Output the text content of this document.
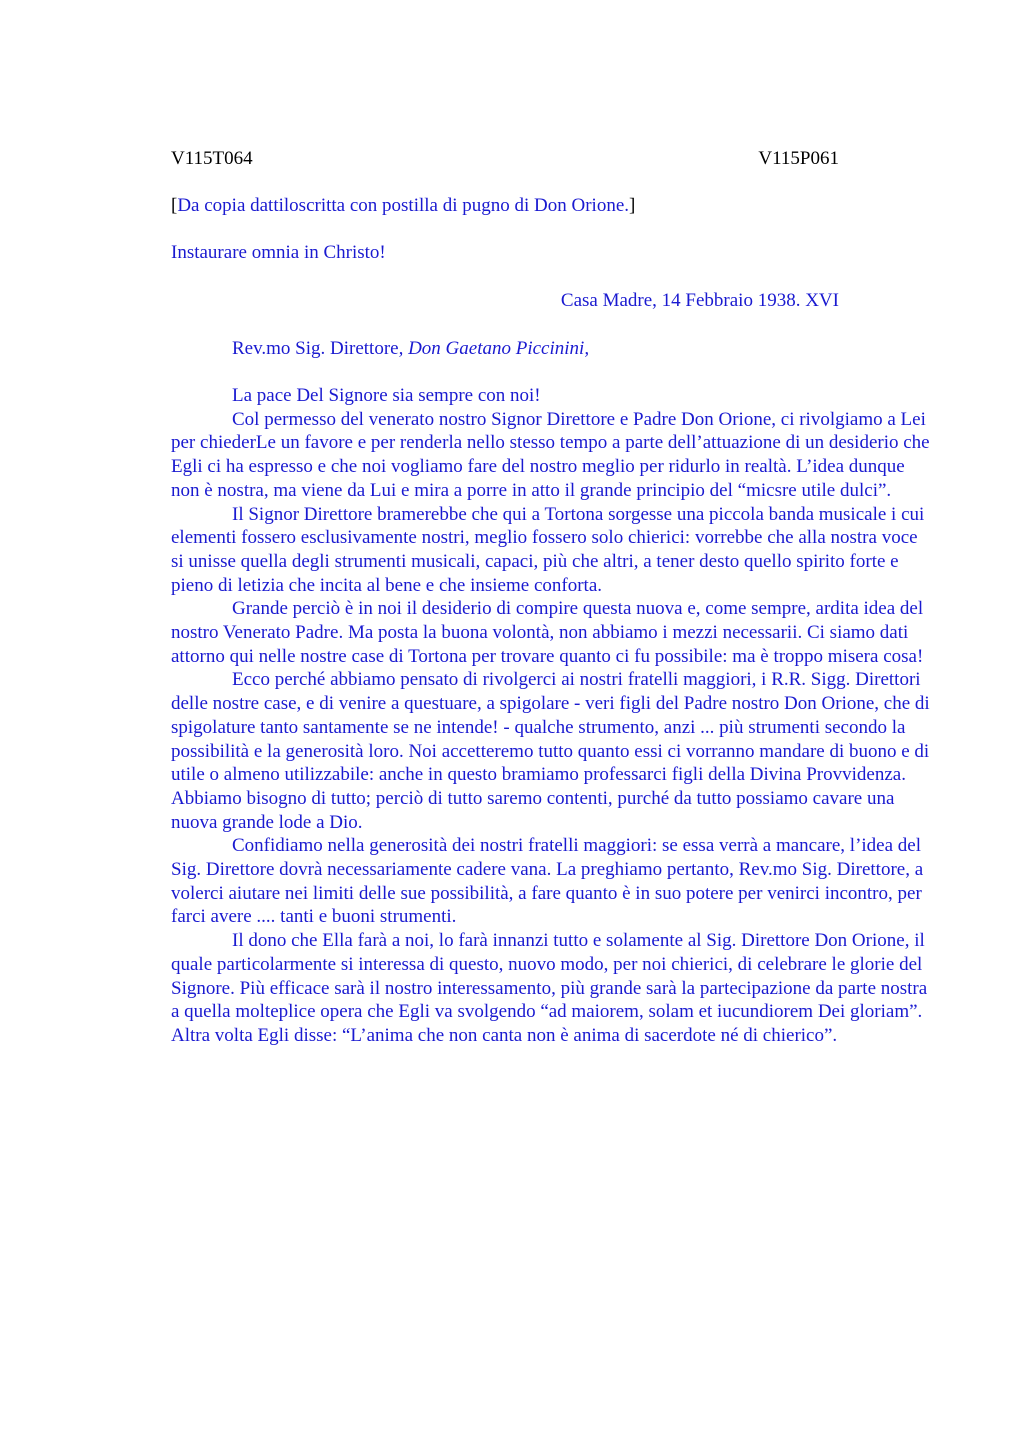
V115T064	V115P061
[Da copia dattiloscritta con postilla di pugno di Don Orione.]
Instaurare omnia in Christo!
Casa Madre, 14 Febbraio 1938. XVI
Rev.mo Sig. Direttore, Don Gaetano Piccinini,

La pace Del Signore sia sempre con noi!

Col permesso del venerato nostro Signor Direttore e Padre Don Orione, ci rivolgiamo a Lei per chiederLe un favore e per renderla nello stesso tempo a parte dell’attuazione di un desiderio che Egli ci ha espresso e che noi vogliamo fare del nostro meglio per ridurlo in realtà. L’idea dunque non è nostra, ma viene da Lui e mira a porre in atto il grande principio del “micsre utile dulci”.

Il Signor Direttore bramerebbe che qui a Tortona sorgesse una piccola banda musicale i cui elementi fossero esclusivamente nostri, meglio fossero solo chierici: vorrebbe che alla nostra voce si unisse quella degli strumenti musicali, capaci, più che altri, a tener desto quello spirito forte e pieno di letizia che incita al bene e che insieme conforta.

Grande perciò è in noi il desiderio di compire questa nuova e, come sempre, ardita idea del nostro Venerato Padre. Ma posta la buona volontà, non abbiamo i mezzi necessarii. Ci siamo dati attorno qui nelle nostre case di Tortona per trovare quanto ci fu possibile: ma è troppo misera cosa!

Ecco perché abbiamo pensato di rivolgerci ai nostri fratelli maggiori, i R.R. Sigg. Direttori delle nostre case, e di venire a questuare, a spigolare - veri figli del Padre nostro Don Orione, che di spigolature tanto santamente se ne intende! - qualche strumento, anzi ... più strumenti secondo la possibilità e la generosità loro. Noi accetteremo tutto quanto essi ci vorranno mandare di buono e di utile o almeno utilizzabile: anche in questo bramiamo professarci figli della Divina Provvidenza. Abbiamo bisogno di tutto; perciò di tutto saremo contenti, purché da tutto possiamo cavare una nuova grande lode a Dio.

Confidiamo nella generosità dei nostri fratelli maggiori: se essa verrà a mancare, l’idea del Sig. Direttore dovrà necessariamente cadere vana. La preghiamo pertanto, Rev.mo Sig. Direttore, a volerci aiutare nei limiti delle sue possibilità, a fare quanto è in suo potere per venirci incontro, per farci avere .... tanti e buoni strumenti.

Il dono che Ella farà a noi, lo farà innanzi tutto e solamente al Sig. Direttore Don Orione, il quale particolarmente si interessa di questo, nuovo modo, per noi chierici, di celebrare le glorie del Signore. Più efficace sarà il nostro interessamento, più grande sarà la partecipazione da parte nostra a quella molteplice opera che Egli va svolgendo “ad maiorem, solam et iucundiorem Dei gloriam”. Altra volta Egli disse: “L’anima che non canta non è anima di sacerdote né di chierico”.
